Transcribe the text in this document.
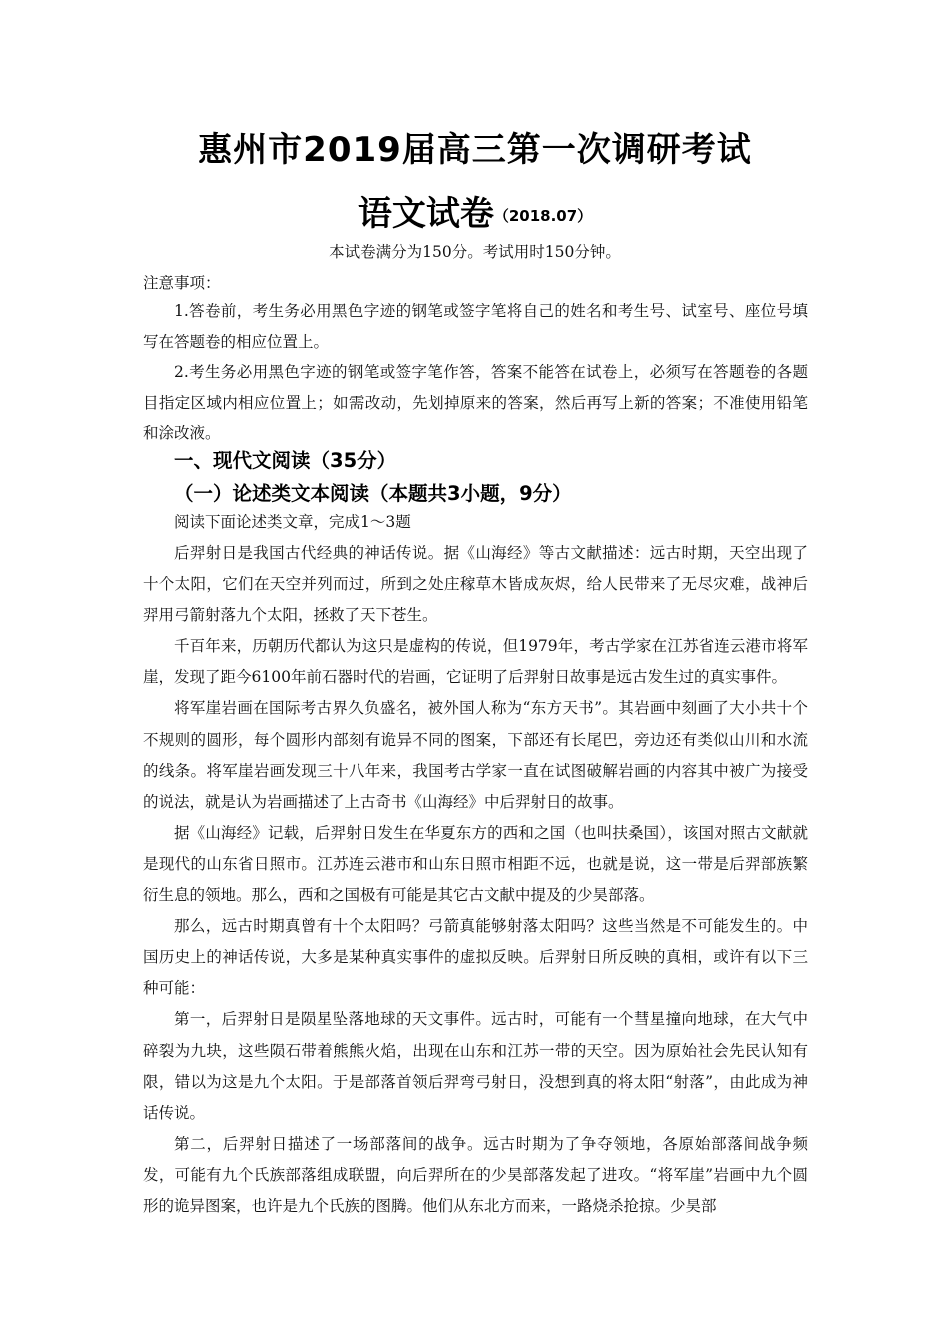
惠州市2019届高三第一次调研考试
语文试卷（2018.07）
本试卷满分为150分。考试用时150分钟。
注意事项：

1.答卷前，考生务必用黑色字迹的钢笔或签字笔将自己的姓名和考生号、试室号、座位号填写在答题卷的相应位置上。

2.考生务必用黑色字迹的钢笔或签字笔作答，答案不能答在试卷上，必须写在答题卷的各题目指定区域内相应位置上；如需改动，先划掉原来的答案，然后再写上新的答案；不准使用铅笔和涂改液。

一、现代文阅读（35分）
（一）论述类文本阅读（本题共3小题，9分）
阅读下面论述类文章，完成1～3题

后羿射日是我国古代经典的神话传说。据《山海经》等古文献描述：远古时期，天空出现了十个太阳，它们在天空并列而过，所到之处庄稼草木皆成灰烬，给人民带来了无尽灾难，战神后羿用弓箭射落九个太阳，拯救了天下苍生。

千百年来，历朝历代都认为这只是虚构的传说，但1979年，考古学家在江苏省连云港市将军崖，发现了距今6100年前石器时代的岩画，它证明了后羿射日故事是远古发生过的真实事件。

将军崖岩画在国际考古界久负盛名，被外国人称为“东方天书”。其岩画中刻画了大小共十个不规则的圆形，每个圆形内部刻有诡异不同的图案，下部还有长尾巴，旁边还有类似山川和水流的线条。将军崖岩画发现三十八年来，我国考古学家一直在试图破解岩画的内容其中被广为接受的说法，就是认为岩画描述了上古奇书《山海经》中后羿射日的故事。

据《山海经》记载，后羿射日发生在华夏东方的西和之国（也叫扶桑国），该国对照古文献就是现代的山东省日照市。江苏连云港市和山东日照市相距不远，也就是说，这一带是后羿部族繁衍生息的领地。那么，西和之国极有可能是其它古文献中提及的少昊部落。

那么，远古时期真曾有十个太阳吗？弓箭真能够射落太阳吗？这些当然是不可能发生的。中国历史上的神话传说，大多是某种真实事件的虚拟反映。后羿射日所反映的真相，或许有以下三种可能：

第一，后羿射日是陨星坠落地球的天文事件。远古时，可能有一个彗星撞向地球，在大气中碎裂为九块，这些陨石带着熊熊火焰，出现在山东和江苏一带的天空。因为原始社会先民认知有限，错以为这是九个太阳。于是部落首领后羿弯弓射日，没想到真的将太阳“射落”，由此成为神话传说。

第二，后羿射日描述了一场部落间的战争。远古时期为了争夺领地，各原始部落间战争频发，可能有九个氏族部落组成联盟，向后羿所在的少昊部落发起了进攻。“将军崖”岩画中九个圆形的诡异图案，也许是九个氏族的图腾。他们从东北方而来，一路烧杀抢掠。少昊部
